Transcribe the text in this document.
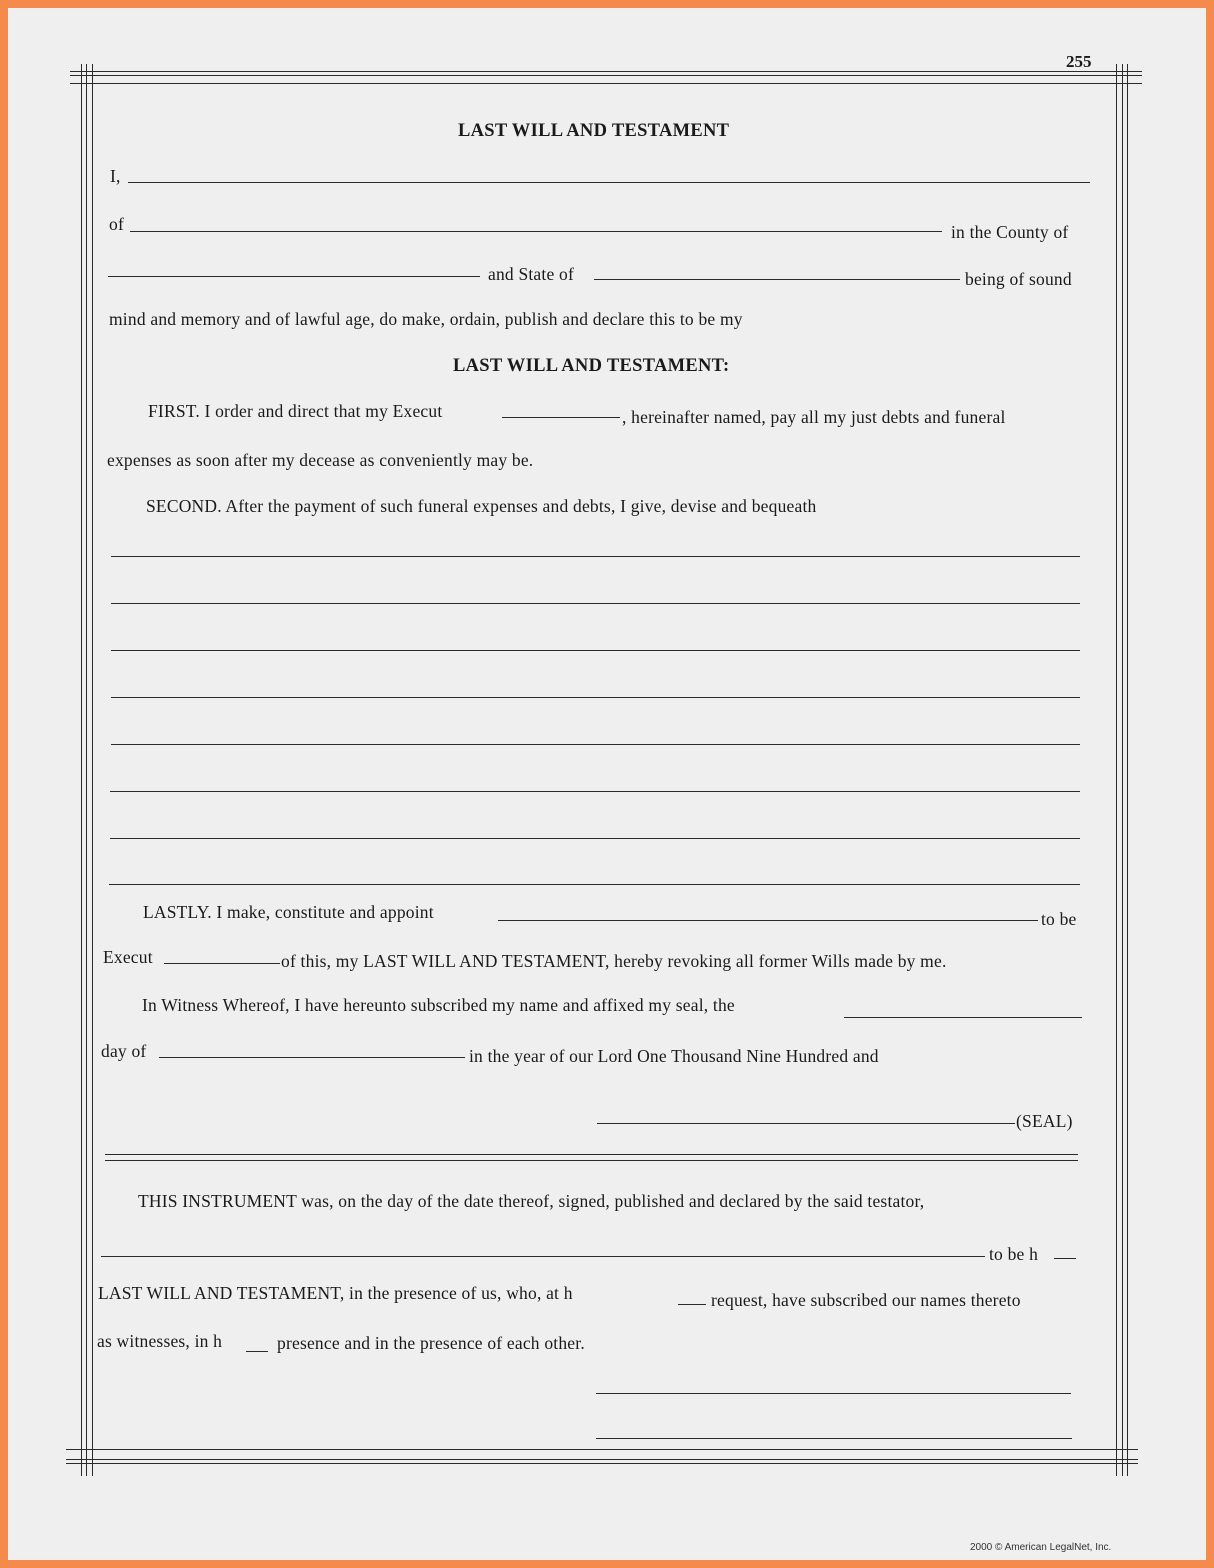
255
LAST WILL AND TESTAMENT
I,
of	in the County of
and State of	being of sound
mind and memory and of lawful age, do make, ordain, publish and declare this to be my
LAST WILL AND TESTAMENT:
FIRST. I order and direct that my Execut	, hereinafter named, pay all my just debts and funeral
expenses as soon after my decease as conveniently may be.
SECOND. After the payment of such funeral expenses and debts, I give, devise and bequeath
LASTLY. I make, constitute and appoint	to be
Execut	of this, my LAST WILL AND TESTAMENT, hereby revoking all former Wills made by me.
In Witness Whereof, I have hereunto subscribed my name and affixed my seal, the
day of	in the year of our Lord One Thousand Nine Hundred and
(SEAL)
THIS INSTRUMENT was, on the day of the date thereof, signed, published and declared by the said testator,
to be h
LAST WILL AND TESTAMENT, in the presence of us, who, at h	request, have subscribed our names thereto
as witnesses, in h	presence and in the presence of each other.
2000 © American LegalNet, Inc.
